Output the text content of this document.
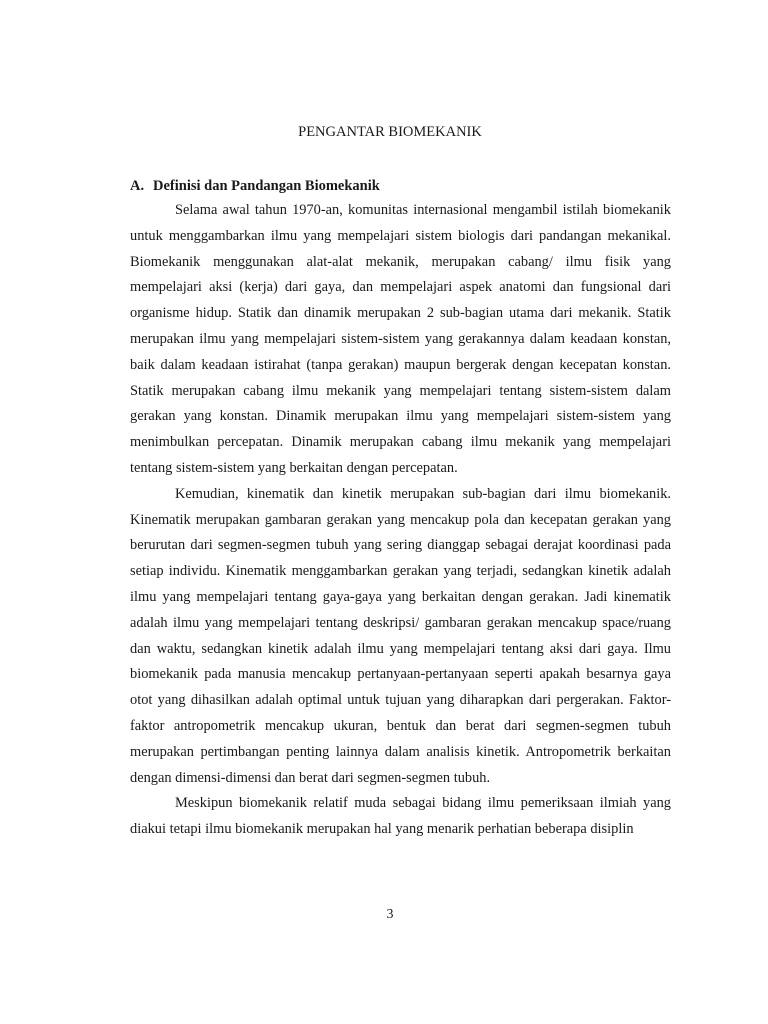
PENGANTAR BIOMEKANIK
A. Definisi dan Pandangan Biomekanik

Selama awal tahun 1970-an, komunitas internasional mengambil istilah biomekanik untuk menggambarkan ilmu yang mempelajari sistem biologis dari pandangan mekanikal. Biomekanik menggunakan alat-alat mekanik, merupakan cabang/ ilmu fisik yang mempelajari aksi (kerja) dari gaya, dan mempelajari aspek anatomi dan fungsional dari organisme hidup. Statik dan dinamik merupakan 2 sub-bagian utama dari mekanik. Statik merupakan ilmu yang mempelajari sistem-sistem yang gerakannya dalam keadaan konstan, baik dalam keadaan istirahat (tanpa gerakan) maupun bergerak dengan kecepatan konstan. Statik merupakan cabang ilmu mekanik yang mempelajari tentang sistem-sistem dalam gerakan yang konstan. Dinamik merupakan ilmu yang mempelajari sistem-sistem yang menimbulkan percepatan. Dinamik merupakan cabang ilmu mekanik yang mempelajari tentang sistem-sistem yang berkaitan dengan percepatan.

Kemudian, kinematik dan kinetik merupakan sub-bagian dari ilmu biomekanik. Kinematik merupakan gambaran gerakan yang mencakup pola dan kecepatan gerakan yang berurutan dari segmen-segmen tubuh yang sering dianggap sebagai derajat koordinasi pada setiap individu. Kinematik menggambarkan gerakan yang terjadi, sedangkan kinetik adalah ilmu yang mempelajari tentang gaya-gaya yang berkaitan dengan gerakan. Jadi kinematik adalah ilmu yang mempelajari tentang deskripsi/ gambaran gerakan mencakup space/ruang dan waktu, sedangkan kinetik adalah ilmu yang mempelajari tentang aksi dari gaya. Ilmu biomekanik pada manusia mencakup pertanyaan-pertanyaan seperti apakah besarnya gaya otot yang dihasilkan adalah optimal untuk tujuan yang diharapkan dari pergerakan. Faktor-faktor antropometrik mencakup ukuran, bentuk dan berat dari segmen-segmen tubuh merupakan pertimbangan penting lainnya dalam analisis kinetik. Antropometrik berkaitan dengan dimensi-dimensi dan berat dari segmen-segmen tubuh.

Meskipun biomekanik relatif muda sebagai bidang ilmu pemeriksaan ilmiah yang diakui tetapi ilmu biomekanik merupakan hal yang menarik perhatian beberapa disiplin

3
